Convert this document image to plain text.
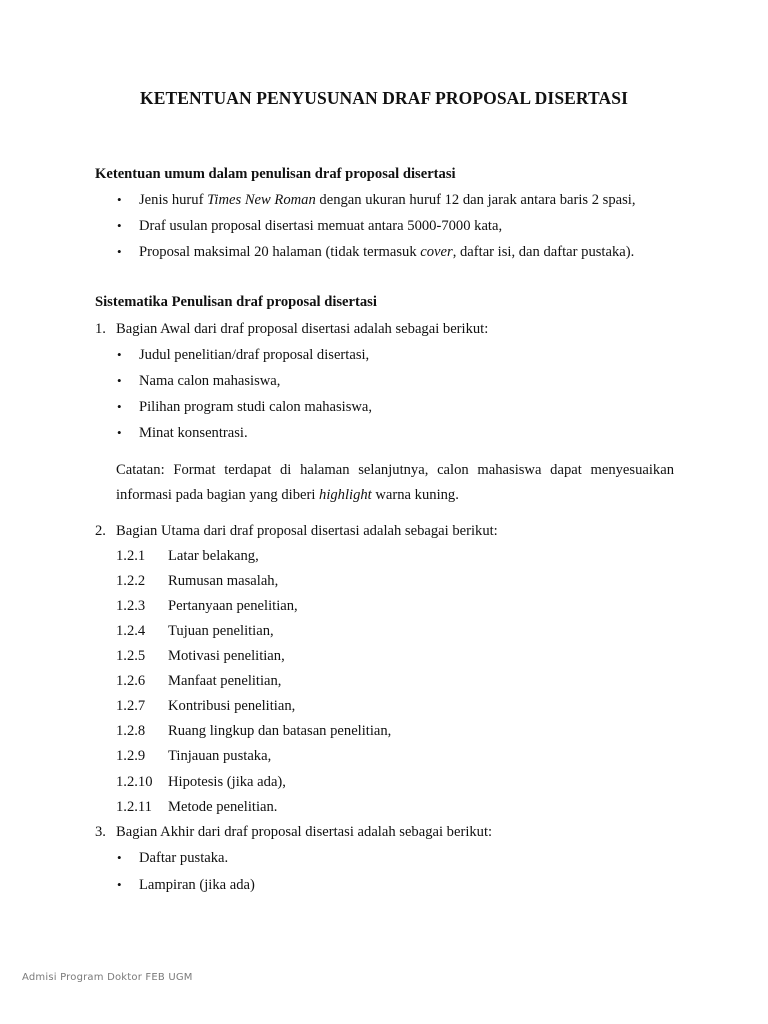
KETENTUAN PENYUSUNAN DRAF PROPOSAL DISERTASI
Ketentuan umum dalam penulisan draf proposal disertasi
• Jenis huruf Times New Roman dengan ukuran huruf 12 dan jarak antara baris 2 spasi,
• Draf usulan proposal disertasi memuat antara 5000-7000 kata,
• Proposal maksimal 20 halaman (tidak termasuk cover, daftar isi, dan daftar pustaka).
Sistematika Penulisan draf proposal disertasi
1. Bagian Awal dari draf proposal disertasi adalah sebagai berikut:
• Judul penelitian/draf proposal disertasi,
• Nama calon mahasiswa,
• Pilihan program studi calon mahasiswa,
• Minat konsentrasi.
Catatan: Format terdapat di halaman selanjutnya, calon mahasiswa dapat menyesuaikan
informasi pada bagian yang diberi highlight warna kuning.
2. Bagian Utama dari draf proposal disertasi adalah sebagai berikut:
1.2.1 Latar belakang,
1.2.2 Rumusan masalah,
1.2.3 Pertanyaan penelitian,
1.2.4 Tujuan penelitian,
1.2.5 Motivasi penelitian,
1.2.6 Manfaat penelitian,
1.2.7 Kontribusi penelitian,
1.2.8 Ruang lingkup dan batasan penelitian,
1.2.9 Tinjauan pustaka,
1.2.10 Hipotesis (jika ada),
1.2.11 Metode penelitian.
3. Bagian Akhir dari draf proposal disertasi adalah sebagai berikut:
• Daftar pustaka.
• Lampiran (jika ada)
Admisi Program Doktor FEB UGM
